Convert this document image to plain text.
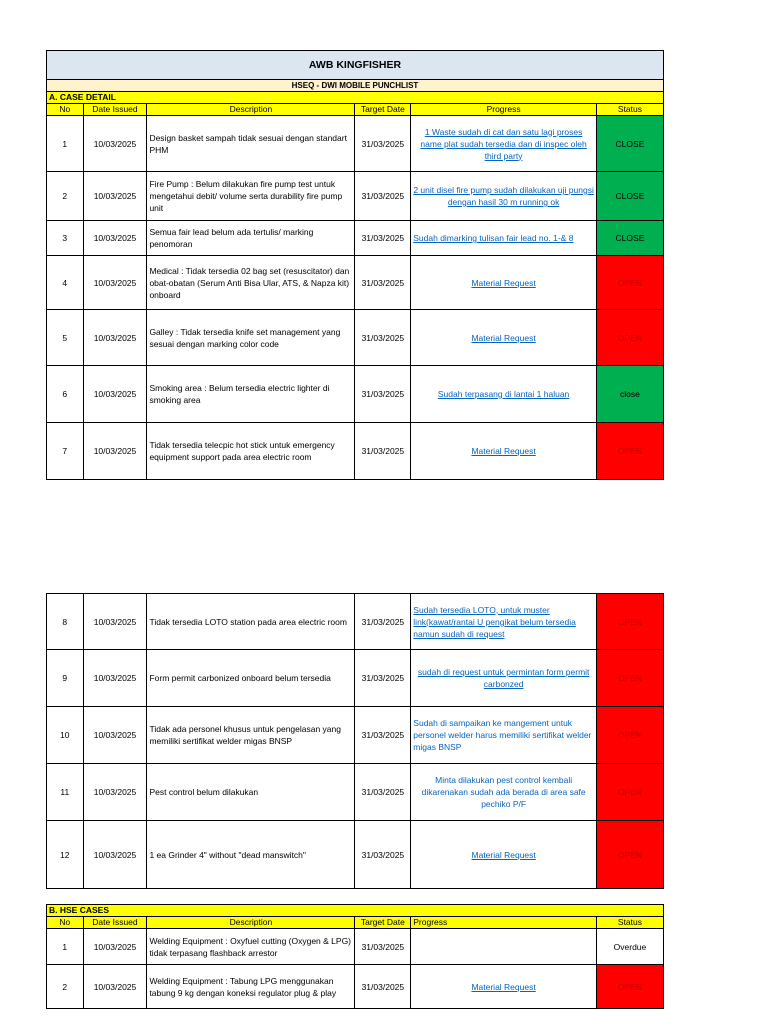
AWB KINGFISHER					
HSEQ - DWI MOBILE PUNCHLIST					
A. CASE DETAIL					
No	Date Issued	Description	Target Date	Progress	Status
1	10/03/2025	Design basket sampah tidak sesuai dengan standart PHM	31/03/2025	1 Waste sudah di cat dan satu lagi proses name plat sudah tersedia dan di inspec oleh third party	CLOSE
2	10/03/2025	Fire Pump : Belum dilakukan fire pump test untuk mengetahui debit/ volume serta durability fire pump unit	31/03/2025	2 unit disel fire pump sudah dilakukan uji pungsi dengan hasil 30 m running ok	CLOSE
3	10/03/2025	Semua fair lead belum ada tertulis/ marking penomoran	31/03/2025	Sudah dimarking tulisan fair lead no. 1-& 8	CLOSE
4	10/03/2025	Medical : Tidak tersedia 02 bag set (resuscitator) dan obat-obatan (Serum Anti Bisa Ular, ATS, & Napza kit) onboard	31/03/2025	Material Request	OPEN
5	10/03/2025	Galley : Tidak tersedia knife set management yang sesuai dengan marking color code	31/03/2025	Material Request	OPEN
6	10/03/2025	Smoking area : Belum tersedia electric lighter di smoking area	31/03/2025	Sudah terpasang di lantai 1 haluan	close
7	10/03/2025	Tidak tersedia telecpic hot stick untuk emergency equipment support pada area electric room	31/03/2025	Material Request	OPEN
8	10/03/2025	Tidak tersedia LOTO station pada area electric room	31/03/2025	Sudah tersedia LOTO, untuk muster link(kawat/rantai U pengikat belum tersedia namun sudah di request	OPEN
9	10/03/2025	Form permit carbonized onboard belum tersedia	31/03/2025	sudah di request untuk permintan form permit carbonzed	OPEN
10	10/03/2025	Tidak ada personel khusus untuk pengelasan yang memiliki sertifikat welder migas BNSP	31/03/2025	Sudah di sampaikan ke mangement untuk personel welder harus memiliki sertifikat welder migas BNSP	OPEN
11	10/03/2025	Pest control belum dilakukan	31/03/2025	Minta dilakukan pest control kembali dikarenakan sudah ada berada di area safe pechiko P/F	OPEN
12	10/03/2025	1 ea Grinder 4" without "dead manswitch"	31/03/2025	Material Request	OPEN
B. HSE CASES					
No	Date Issued	Description	Target Date	Progress	Status
1	10/03/2025	Welding Equipment : Oxyfuel cutting (Oxygen & LPG) tidak terpasang flashback arrestor	31/03/2025		Overdue
2	10/03/2025	Welding Equipment : Tabung LPG menggunakan tabung 9 kg dengan koneksi regulator plug & play	31/03/2025	Material Request	OPEN
